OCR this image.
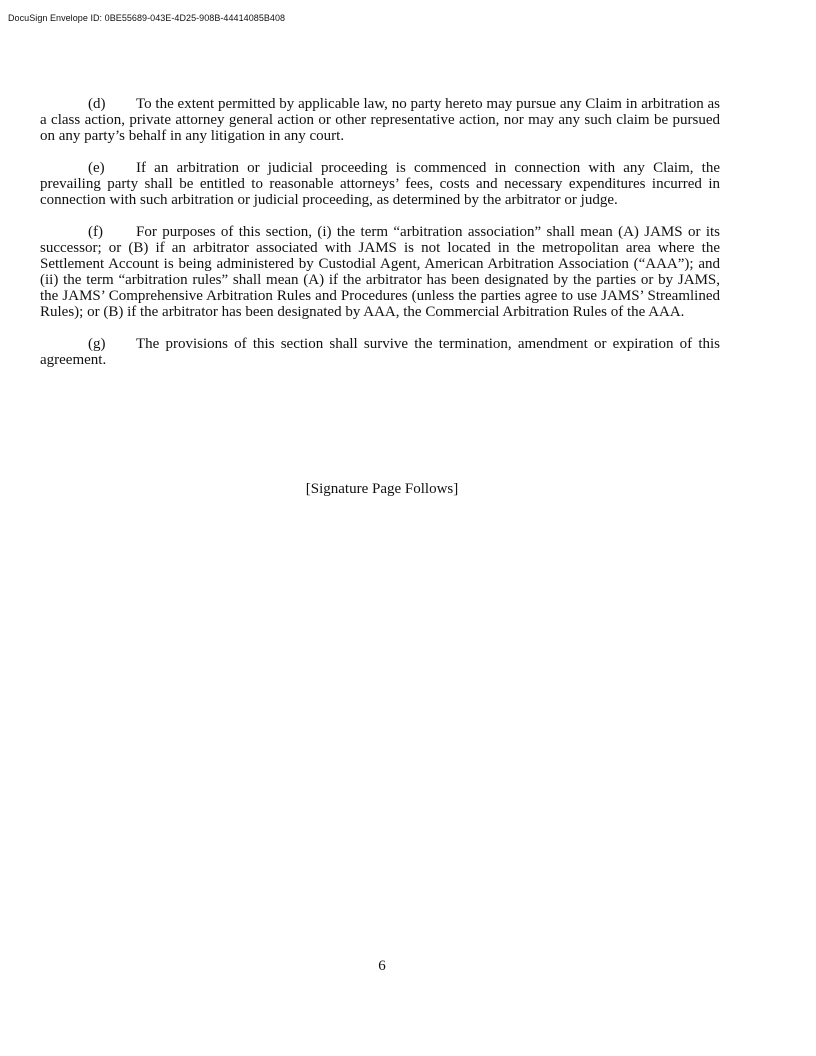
DocuSign Envelope ID: 0BE55689-043E-4D25-908B-44414085B408

(d) To the extent permitted by applicable law, no party hereto may pursue any Claim in arbitration as a class action, private attorney general action or other representative action, nor may any such claim be pursued on any party’s behalf in any litigation in any court.

(e) If an arbitration or judicial proceeding is commenced in connection with any Claim, the prevailing party shall be entitled to reasonable attorneys’ fees, costs and necessary expenditures incurred in connection with such arbitration or judicial proceeding, as determined by the arbitrator or judge.

(f) For purposes of this section, (i) the term “arbitration association” shall mean (A) JAMS or its successor; or (B) if an arbitrator associated with JAMS is not located in the metropolitan area where the Settlement Account is being administered by Custodial Agent, American Arbitration Association (“AAA”); and (ii) the term “arbitration rules” shall mean (A) if the arbitrator has been designated by the parties or by JAMS, the JAMS’ Comprehensive Arbitration Rules and Procedures (unless the parties agree to use JAMS’ Streamlined Rules); or (B) if the arbitrator has been designated by AAA, the Commercial Arbitration Rules of the AAA.

(g) The provisions of this section shall survive the termination, amendment or expiration of this agreement.

[Signature Page Follows]
6
